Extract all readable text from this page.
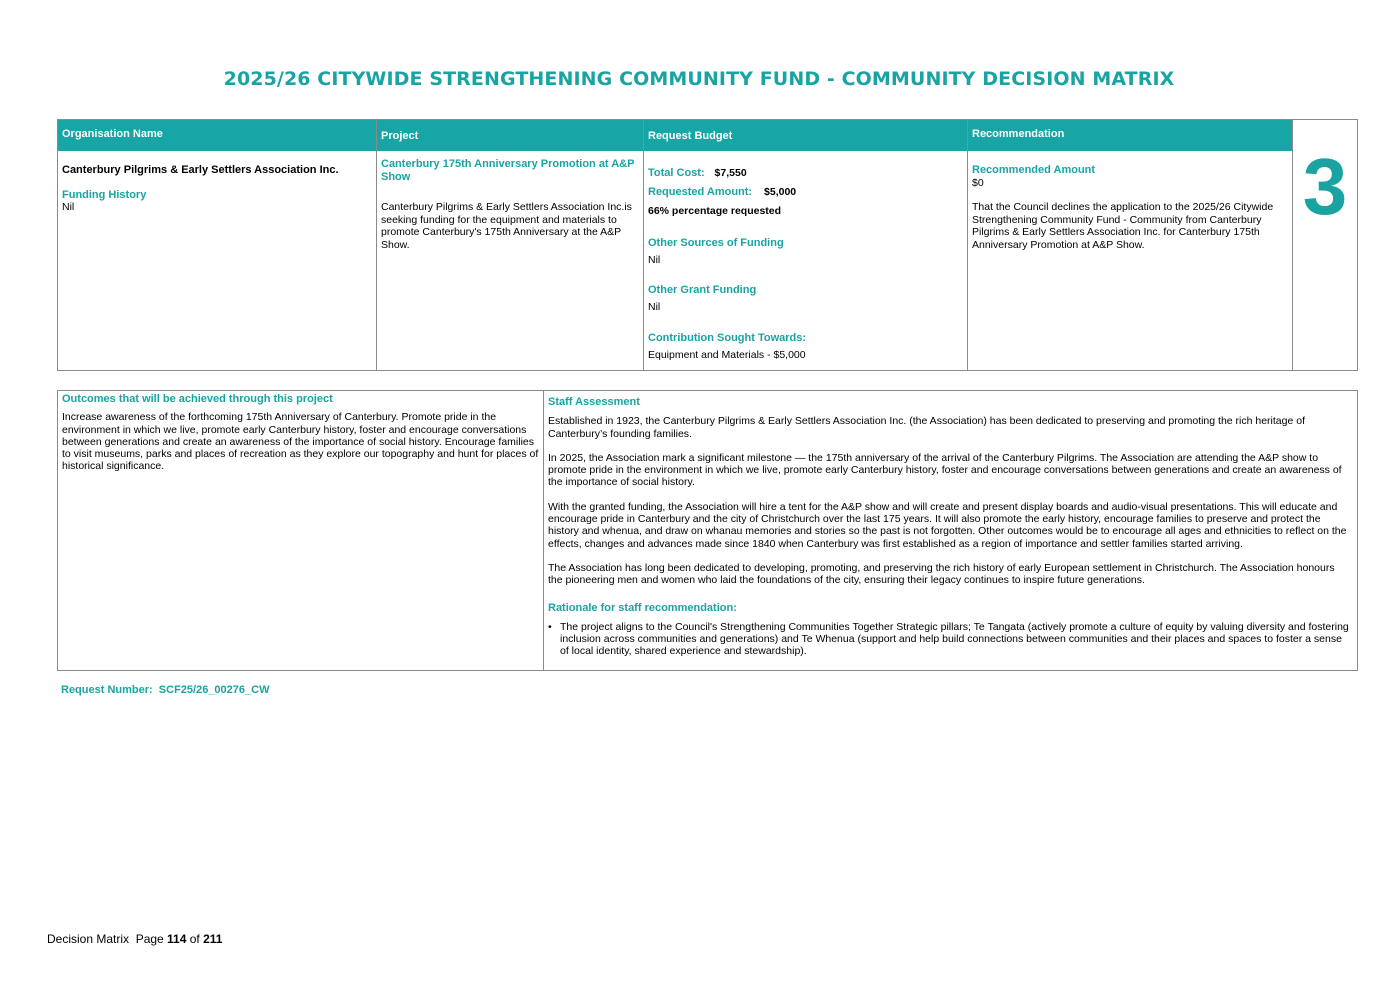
2025/26 CITYWIDE STRENGTHENING COMMUNITY FUND - COMMUNITY DECISION MATRIX
Organisation Name
Canterbury Pilgrims & Early Settlers Association Inc.
Funding History
Nil
Project
Canterbury 175th Anniversary Promotion at A&P Show
Canterbury Pilgrims & Early Settlers Association Inc.is seeking funding for the equipment and materials to promote Canterbury's 175th Anniversary at the A&P Show.
Request Budget
Total Cost: $7,550
Requested Amount: $5,000
66% percentage requested
Other Sources of Funding
Nil
Other Grant Funding
Nil
Contribution Sought Towards:
Equipment and Materials - $5,000
Recommendation
Recommended Amount
$0
That the Council declines the application to the 2025/26 Citywide Strengthening Community Fund - Community from Canterbury Pilgrims & Early Settlers Association Inc. for Canterbury 175th Anniversary Promotion at A&P Show.
3
Outcomes that will be achieved through this project
Increase awareness of the forthcoming 175th Anniversary of Canterbury. Promote pride in the environment in which we live, promote early Canterbury history, foster and encourage conversations between generations and create an awareness of the importance of social history. Encourage families to visit museums, parks and places of recreation as they explore our topography and hunt for places of historical significance.
Staff Assessment

Established in 1923, the Canterbury Pilgrims & Early Settlers Association Inc. (the Association) has been dedicated to preserving and promoting the rich heritage of Canterbury’s founding families.

In 2025, the Association mark a significant milestone — the 175th anniversary of the arrival of the Canterbury Pilgrims. The Association are attending the A&P show to promote pride in the environment in which we live, promote early Canterbury history, foster and encourage conversations between generations and create an awareness of the importance of social history.

With the granted funding, the Association will hire a tent for the A&P show and will create and present display boards and audio-visual presentations. This will educate and encourage pride in Canterbury and the city of Christchurch over the last 175 years. It will also promote the early history, encourage families to preserve and protect the history and whenua, and draw on whanau memories and stories so the past is not forgotten. Other outcomes would be to encourage all ages and ethnicities to reflect on the effects, changes and advances made since 1840 when Canterbury was first established as a region of importance and settler families started arriving.

The Association has long been dedicated to developing, promoting, and preserving the rich history of early European settlement in Christchurch. The Association honours the pioneering men and women who laid the foundations of the city, ensuring their legacy continues to inspire future generations.

Rationale for staff recommendation:
• The project aligns to the Council's Strengthening Communities Together Strategic pillars; Te Tangata (actively promote a culture of equity by valuing diversity and fostering inclusion across communities and generations) and Te Whenua (support and help build connections between communities and their places and spaces to foster a sense of local identity, shared experience and stewardship).
Request Number:  SCF25/26_00276_CW
Decision Matrix  Page 114 of 211
